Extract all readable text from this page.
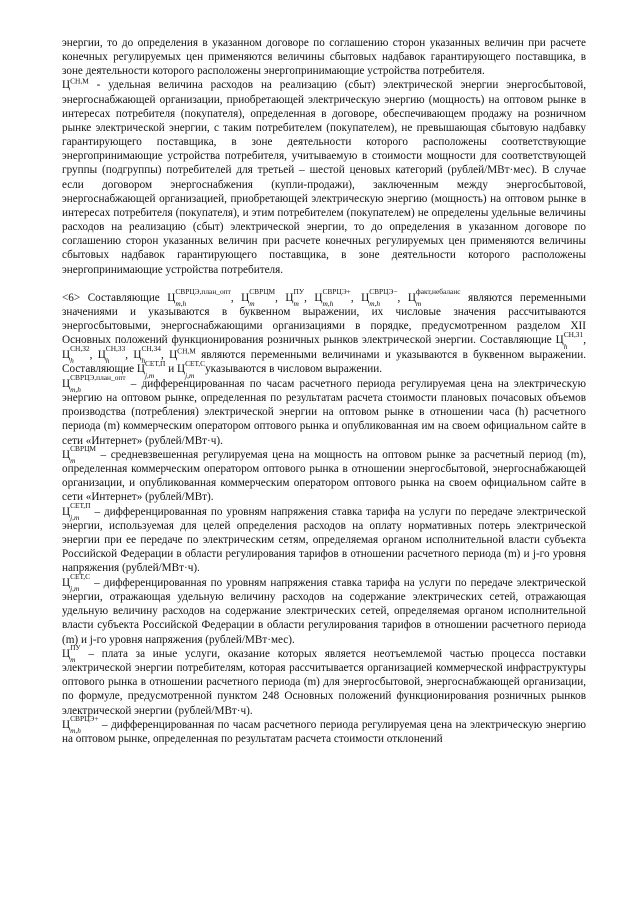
энергии, то до определения в указанном договоре по соглашению сторон указанных величин при расчете конечных регулируемых цен применяются величины сбытовых надбавок гарантирующего поставщика, в зоне деятельности которого расположены энергопринимающие устройства потребителя.

$Ц^{СН,М}$ - удельная величина расходов на реализацию (сбыт) электрической энергии энергосбытовой, энергоснабжающей организации, приобретающей электрическую энергию (мощность) на оптовом рынке в интересах потребителя (покупателя), определенная в договоре, обеспечивающем продажу на розничном рынке электрической энергии, с таким потребителем (покупателем), не превышающая сбытовую надбавку гарантирующего поставщика, в зоне деятельности которого расположены соответствующие энергопринимающие устройства потребителя, учитываемую в стоимости мощности для соответствующей группы (подгруппы) потребителей для третьей – шестой ценовых категорий (рублей/МВт·мес). В случае если договором энергоснабжения (купли-продажи), заключенным между энергосбытовой, энергоснабжающей организацией, приобретающей электрическую энергию (мощность) на оптовом рынке в интересах потребителя (покупателя), и этим потребителем (покупателем) не определены удельные величины расходов на реализацию (сбыт) электрической энергии, то до определения в указанном договоре по соглашению сторон указанных величин при расчете конечных регулируемых цен применяются величины сбытовых надбавок гарантирующего поставщика, в зоне деятельности которого расположены энергопринимающие устройства потребителя.

<6> Составляющие Ц
СВРЦЭ,план_опт
m,h	, Ц
СВРЦМ
m	, Ц
ПУ
m , Ц
СВРЦЭ+
m,h	, Ц
СВРЦЭ−
m,h	, Ц
факт,небаланс
m	являются переменными значениями и указываются в буквенном выражении, их числовые значения рассчитываются энергосбытовыми, энергоснабжающими организациями в порядке, предусмотренном разделом XII Основных положений функционирования розничных рынков электрической энергии. Составляющие Ц
СН,З1
h	, Ц
СН,З2
h	, Ц
СН,З3
h	, Ц
СН,З4
h	, $Ц^{СН,М}$ являются переменными величинами и указываются в буквенном выражении. Составляющие Ц
СЕТ,П
j,m и Ц
СЕТ,С
j,m указываются в числовом выражении.

Ц
СВРЦЭ,план_опт
m,h	– дифференцированная по часам расчетного периода регулируемая цена на электрическую энергию на оптовом рынке, определенная по результатам расчета стоимости плановых почасовых объемов производства (потребления) электрической энергии на оптовом рынке в отношении часа (h) расчетного периода (m) коммерческим оператором оптового рынка и опубликованная им на своем официальном сайте в сети «Интернет» (рублей/МВт·ч).

Ц
СВРЦМ
m	– средневзвешенная регулируемая цена на мощность на оптовом рынке за расчетный период (m), определенная коммерческим оператором оптового рынка в отношении энергосбытовой, энергоснабжающей организации, и опубликованная коммерческим оператором оптового рынка на своем официальном сайте в сети «Интернет» (рублей/МВт).

Ц
СЕТ,П
j,m – дифференцированная по уровням напряжения ставка тарифа на услуги по передаче электрической энергии, используемая для целей определения расходов на оплату нормативных потерь электрической энергии при ее передаче по электрическим сетям, определяемая органом исполнительной власти субъекта Российской Федерации в области регулирования тарифов в отношении расчетного периода (m) и j-го уровня напряжения (рублей/МВт·ч).

Ц
СЕТ,С
j,m – дифференцированная по уровням напряжения ставка тарифа на услуги по передаче электрической энергии, отражающая удельную величину расходов на содержание электрических сетей, отражающая удельную величину расходов на содержание электрических сетей, определяемая органом исполнительной власти субъекта Российской Федерации в области регулирования тарифов в отношении расчетного периода (m) и j-го уровня напряжения (рублей/МВт·мес).

Ц
ПУ
m – плата за иные услуги, оказание которых является неотъемлемой частью процесса поставки электрической энергии потребителям, которая рассчитывается организацией коммерческой инфраструктуры оптового рынка в отношении расчетного периода (m) для энергосбытовой, энергоснабжающей организации, по формуле, предусмотренной пунктом 248 Основных положений функционирования розничных рынков электрической энергии (рублей/МВт·ч).

Ц
СВРЦЭ+
m,h	– дифференцированная по часам расчетного периода регулируемая цена на электрическую энергию на оптовом рынке, определенная по результатам расчета стоимости отклонений
